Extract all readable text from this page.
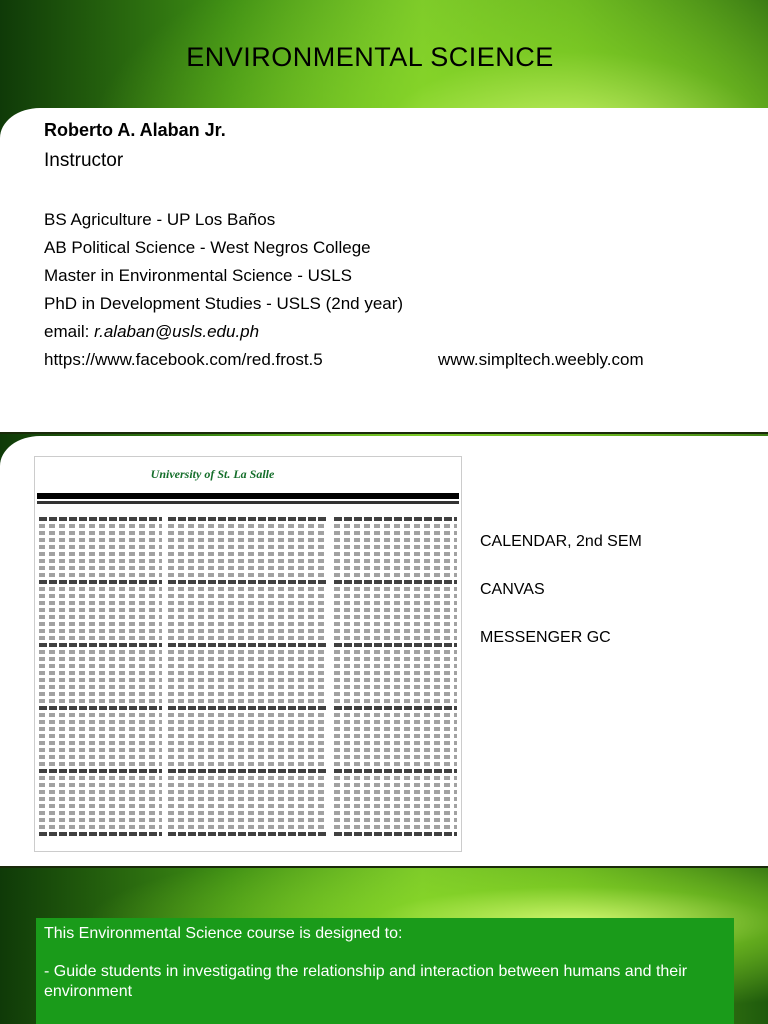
ENVIRONMENTAL SCIENCE
Roberto A. Alaban Jr.
Instructor
BS Agriculture - UP Los Baños
AB Political Science - West Negros College
Master in Environmental Science - USLS
PhD in Development Studies - USLS (2nd year)
email: r.alaban@usls.edu.ph
https://www.facebook.com/red.frost.5	www.simpltech.weebly.com
University of St. La Salle
CALENDAR, 2nd SEM
CANVAS
MESSENGER GC
This Environmental Science course is designed to:
- Guide students in investigating the relationship and interaction between humans and their environment
